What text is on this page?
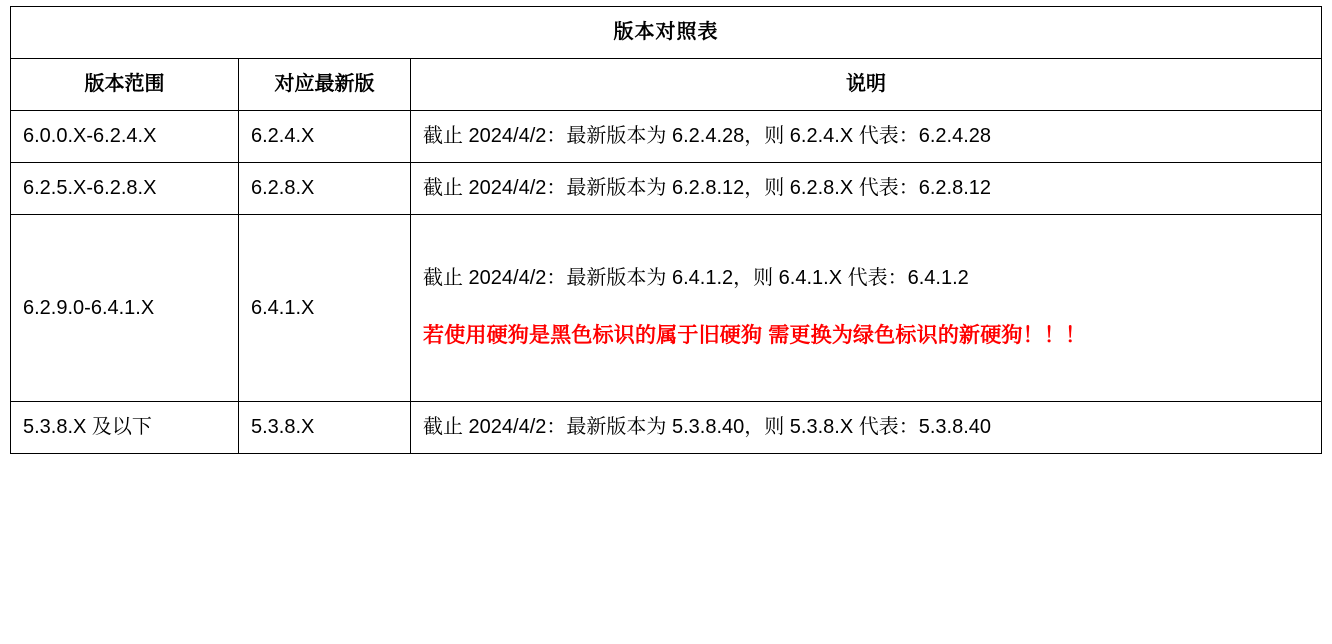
版本对照表		
版本范围	对应最新版	说明
6.0.0.X-6.2.4.X	6.2.4.X	截止 2024/4/2：最新版本为 6.2.4.28，则 6.2.4.X 代表：6.2.4.28

6.2.5.X-6.2.8.X	6.2.8.X	截止 2024/4/2：最新版本为 6.2.8.12，则 6.2.8.X 代表：6.2.8.12

6.2.9.0-6.4.1.X	6.4.1.X	截止 2024/4/2：最新版本为 6.4.1.2，则 6.4.1.X 代表：6.4.1.2
若使用硬狗是黑色标识的属于旧硬狗 需更换为绿色标识的新硬狗！！！

5.3.8.X 及以下	5.3.8.X	截止 2024/4/2：最新版本为 5.3.8.40，则 5.3.8.X 代表：5.3.8.40
